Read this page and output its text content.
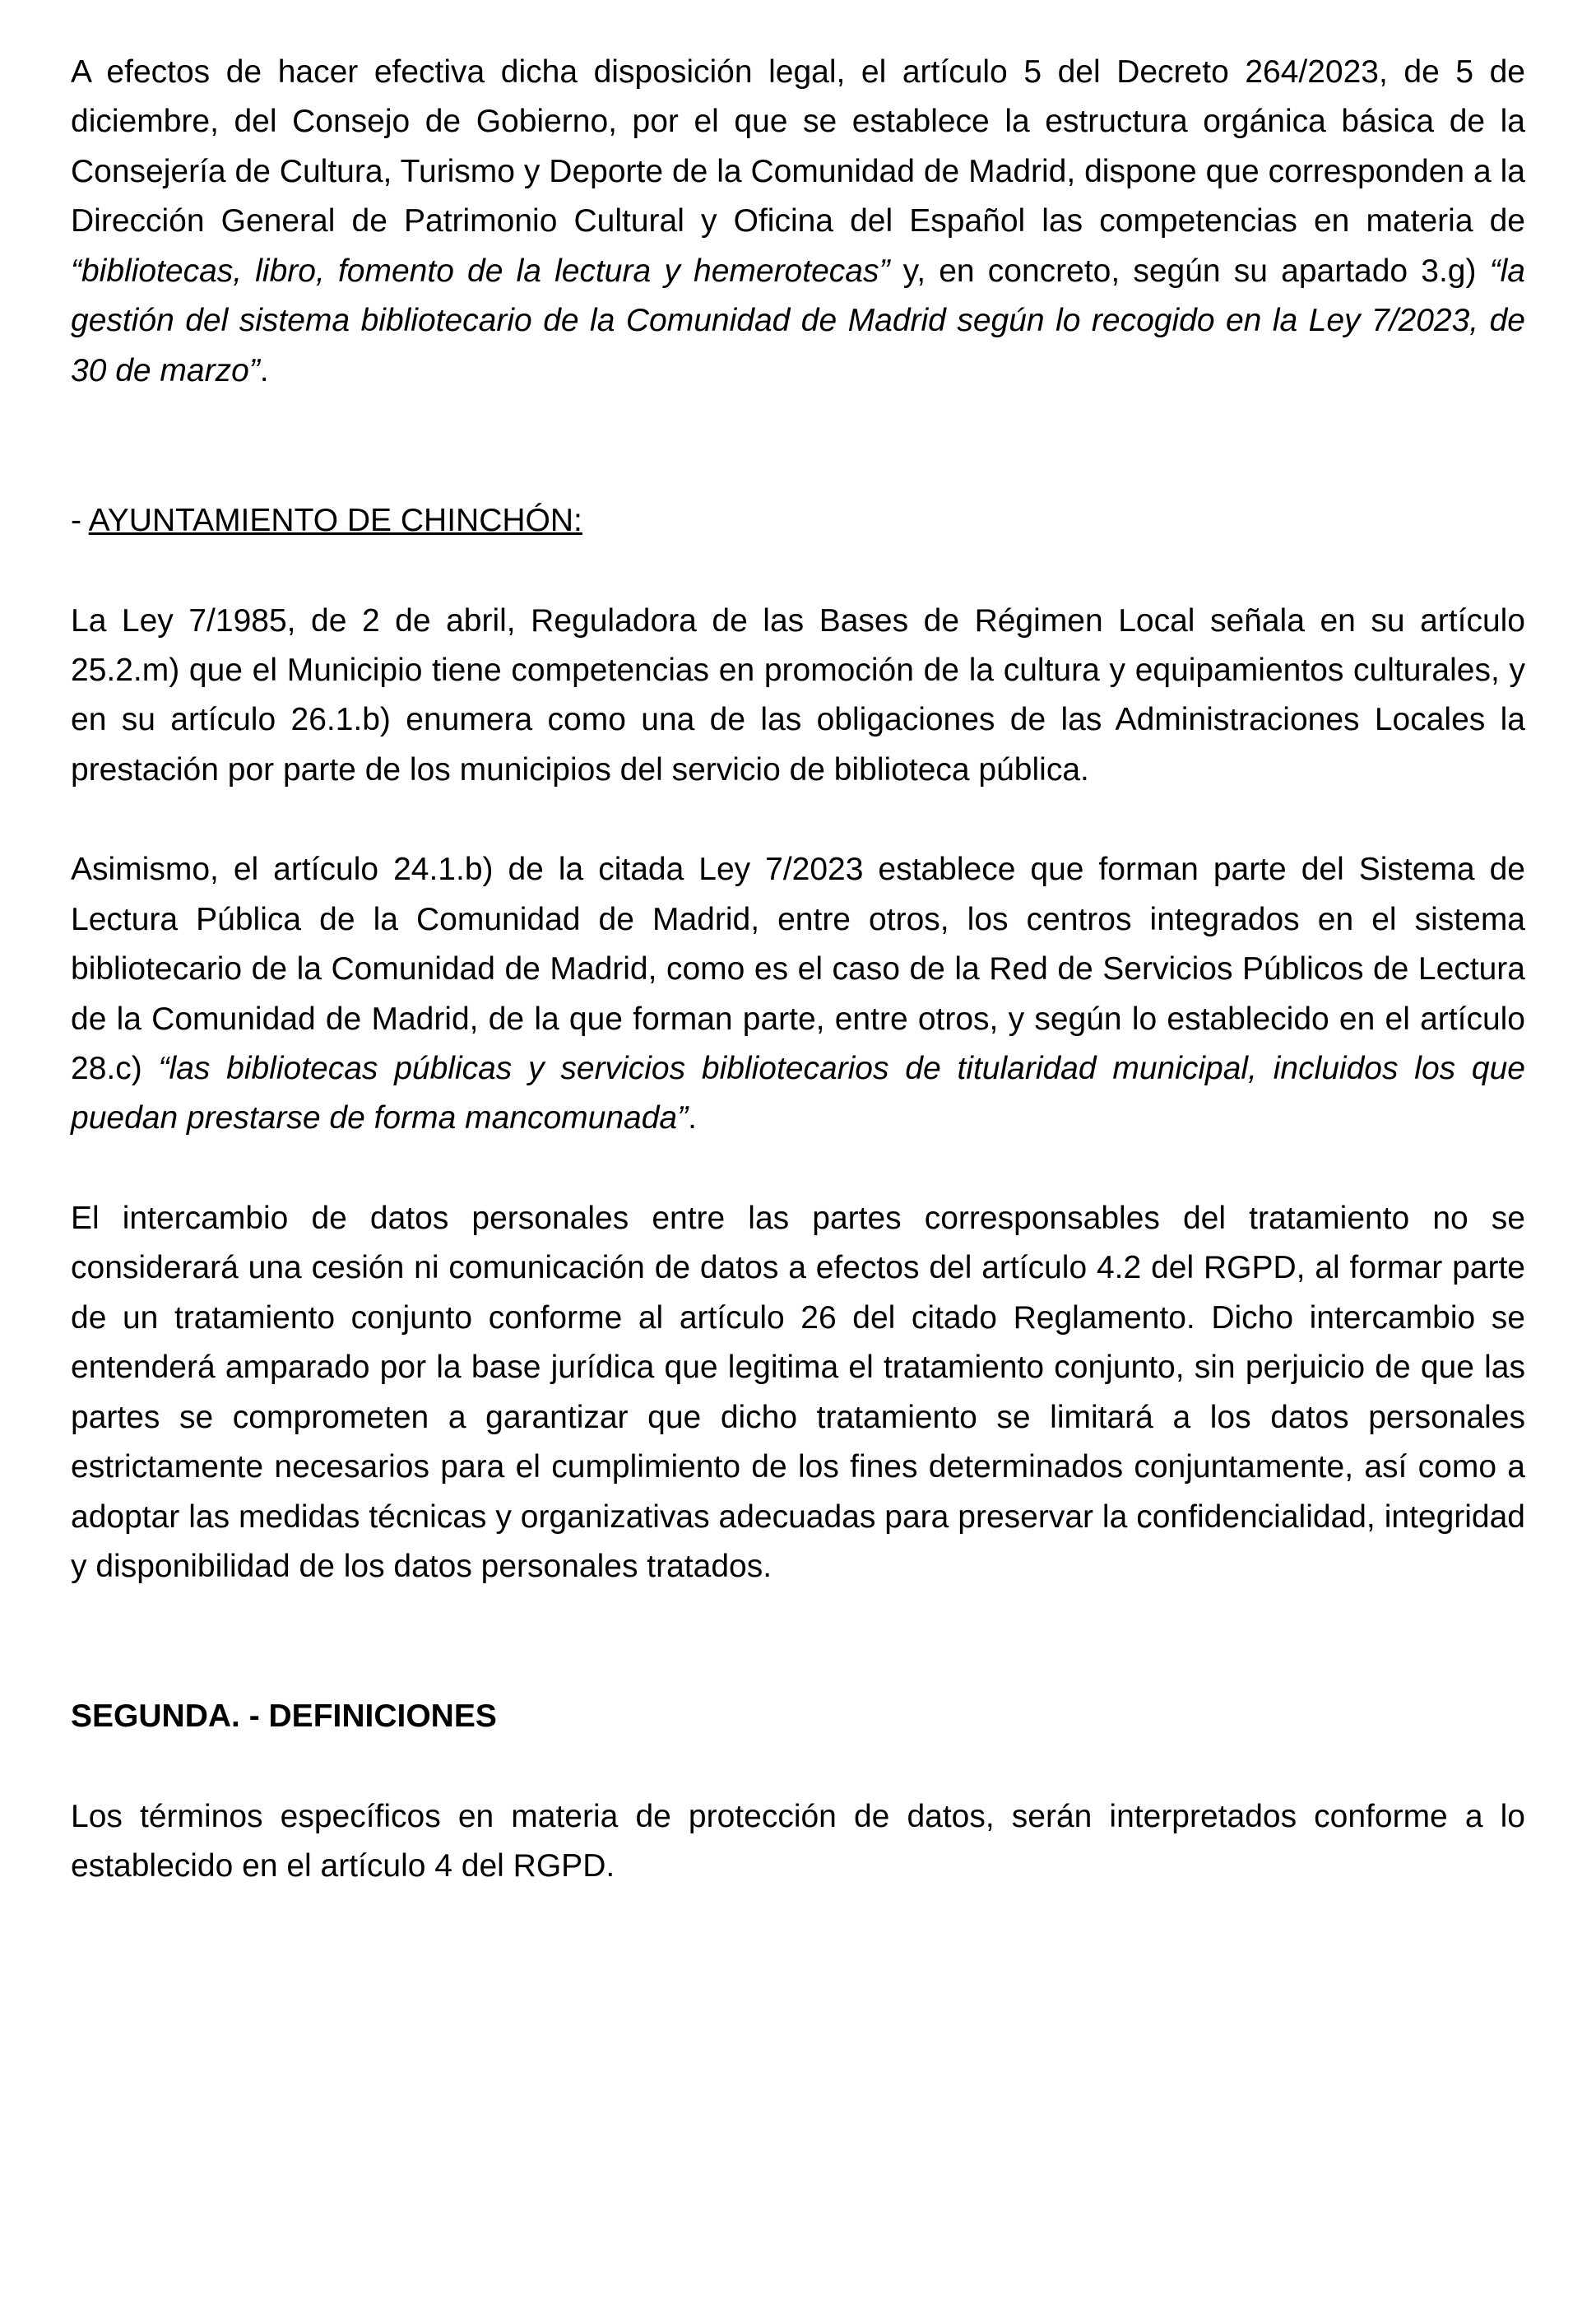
A efectos de hacer efectiva dicha disposición legal, el artículo 5 del Decreto 264/2023, de 5 de diciembre, del Consejo de Gobierno, por el que se establece la estructura orgánica básica de la Consejería de Cultura, Turismo y Deporte de la Comunidad de Madrid, dispone que corresponden a la Dirección General de Patrimonio Cultural y Oficina del Español las competencias en materia de “bibliotecas, libro, fomento de la lectura y hemerotecas” y, en concreto, según su apartado 3.g) “la gestión del sistema bibliotecario de la Comunidad de Madrid según lo recogido en la Ley 7/2023, de 30 de marzo”.
- AYUNTAMIENTO DE CHINCHÓN:
La Ley 7/1985, de 2 de abril, Reguladora de las Bases de Régimen Local señala en su artículo 25.2.m) que el Municipio tiene competencias en promoción de la cultura y equipamientos culturales, y en su artículo 26.1.b) enumera como una de las obligaciones de las Administraciones Locales la prestación por parte de los municipios del servicio de biblioteca pública.
Asimismo, el artículo 24.1.b) de la citada Ley 7/2023 establece que forman parte del Sistema de Lectura Pública de la Comunidad de Madrid, entre otros, los centros integrados en el sistema bibliotecario de la Comunidad de Madrid, como es el caso de la Red de Servicios Públicos de Lectura de la Comunidad de Madrid, de la que forman parte, entre otros, y según lo establecido en el artículo 28.c) “las bibliotecas públicas y servicios bibliotecarios de titularidad municipal, incluidos los que puedan prestarse de forma mancomunada”.
El intercambio de datos personales entre las partes corresponsables del tratamiento no se considerará una cesión ni comunicación de datos a efectos del artículo 4.2 del RGPD, al formar parte de un tratamiento conjunto conforme al artículo 26 del citado Reglamento. Dicho intercambio se entenderá amparado por la base jurídica que legitima el tratamiento conjunto, sin perjuicio de que las partes se comprometen a garantizar que dicho tratamiento se limitará a los datos personales estrictamente necesarios para el cumplimiento de los fines determinados conjuntamente, así como a adoptar las medidas técnicas y organizativas adecuadas para preservar la confidencialidad, integridad y disponibilidad de los datos personales tratados.
SEGUNDA. - DEFINICIONES
Los términos específicos en materia de protección de datos, serán interpretados conforme a lo establecido en el artículo 4 del RGPD.
